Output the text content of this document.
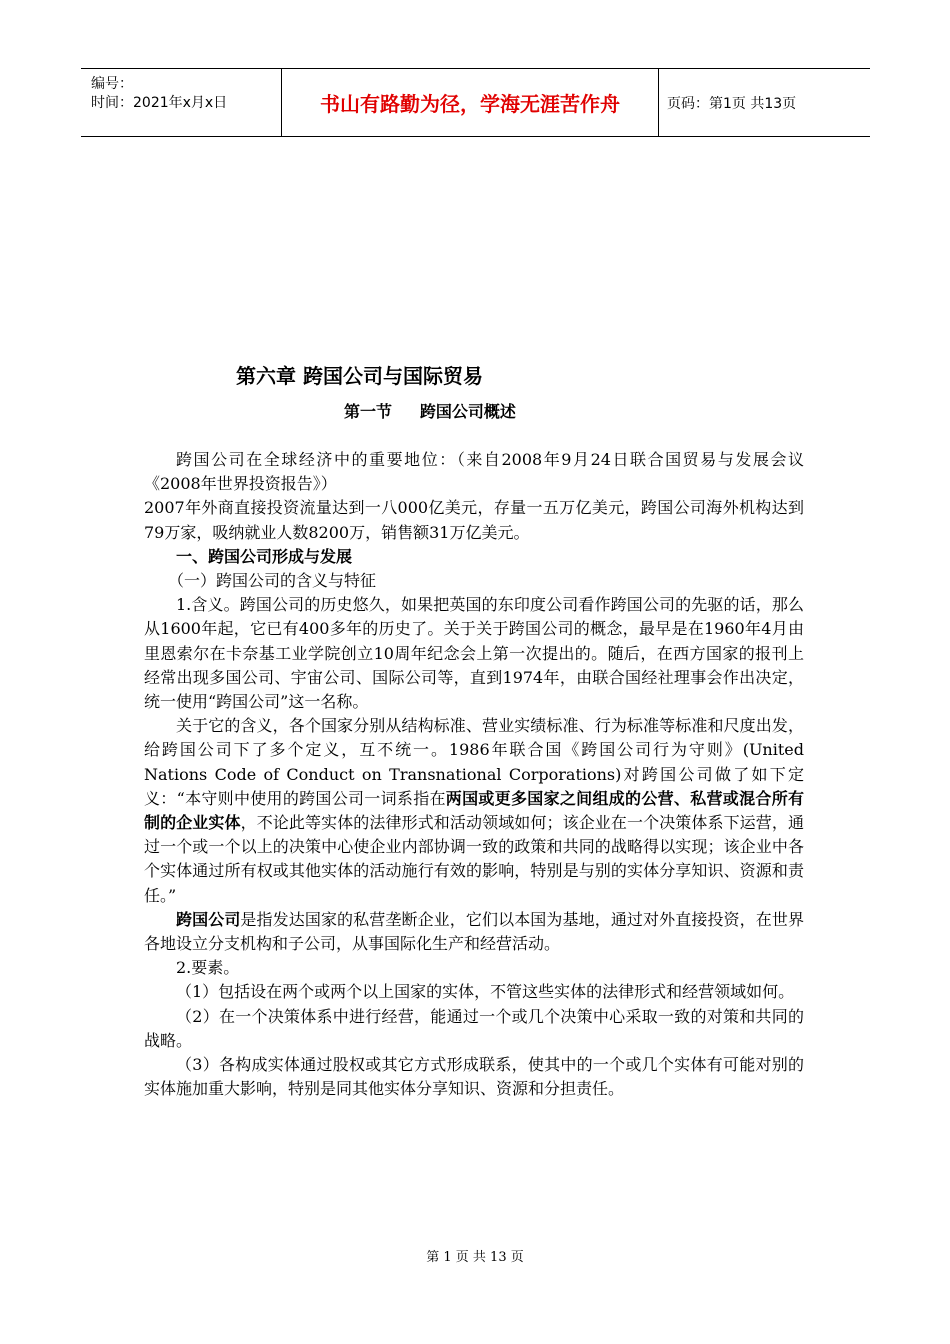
编号：
时间：2021年x月x日	书山有路勤为径，学海无涯苦作舟	页码：第1页 共13页
第六章 跨国公司与国际贸易
第一节     跨国公司概述

跨国公司在全球经济中的重要地位：（来自2008年9月24日联合国贸易与发展会议《2008年世界投资报告》）

2007年外商直接投资流量达到一八000亿美元，存量一五万亿美元，跨国公司海外机构达到79万家，吸纳就业人数8200万，销售额31万亿美元。

一、跨国公司形成与发展

（一）跨国公司的含义与特征

1.含义。跨国公司的历史悠久，如果把英国的东印度公司看作跨国公司的先驱的话，那么从1600年起，它已有400多年的历史了。关于关于跨国公司的概念，最早是在1960年4月由里恩索尔在卡奈基工业学院创立10周年纪念会上第一次提出的。随后，在西方国家的报刊上经常出现多国公司、宇宙公司、国际公司等，直到1974年，由联合国经社理事会作出决定，统一使用“跨国公司”这一名称。

关于它的含义，各个国家分别从结构标准、营业实绩标准、行为标准等标准和尺度出发，给跨国公司下了多个定义，互不统一。1986年联合国《跨国公司行为守则》(United Nations Code of Conduct on Transnational Corporations)对跨国公司做了如下定义：“本守则中使用的跨国公司一词系指在两国或更多国家之间组成的公营、私营或混合所有制的企业实体，不论此等实体的法律形式和活动领域如何；该企业在一个决策体系下运营，通过一个或一个以上的决策中心使企业内部协调一致的政策和共同的战略得以实现；该企业中各个实体通过所有权或其他实体的活动施行有效的影响，特别是与别的实体分享知识、资源和责任。”

跨国公司是指发达国家的私营垄断企业，它们以本国为基地，通过对外直接投资，在世界各地设立分支机构和子公司，从事国际化生产和经营活动。

2.要素。

（1）包括设在两个或两个以上国家的实体，不管这些实体的法律形式和经营领域如何。

（2）在一个决策体系中进行经营，能通过一个或几个决策中心采取一致的对策和共同的战略。

（3）各构成实体通过股权或其它方式形成联系，使其中的一个或几个实体有可能对别的实体施加重大影响，特别是同其他实体分享知识、资源和分担责任。

第 1 页 共 13 页
